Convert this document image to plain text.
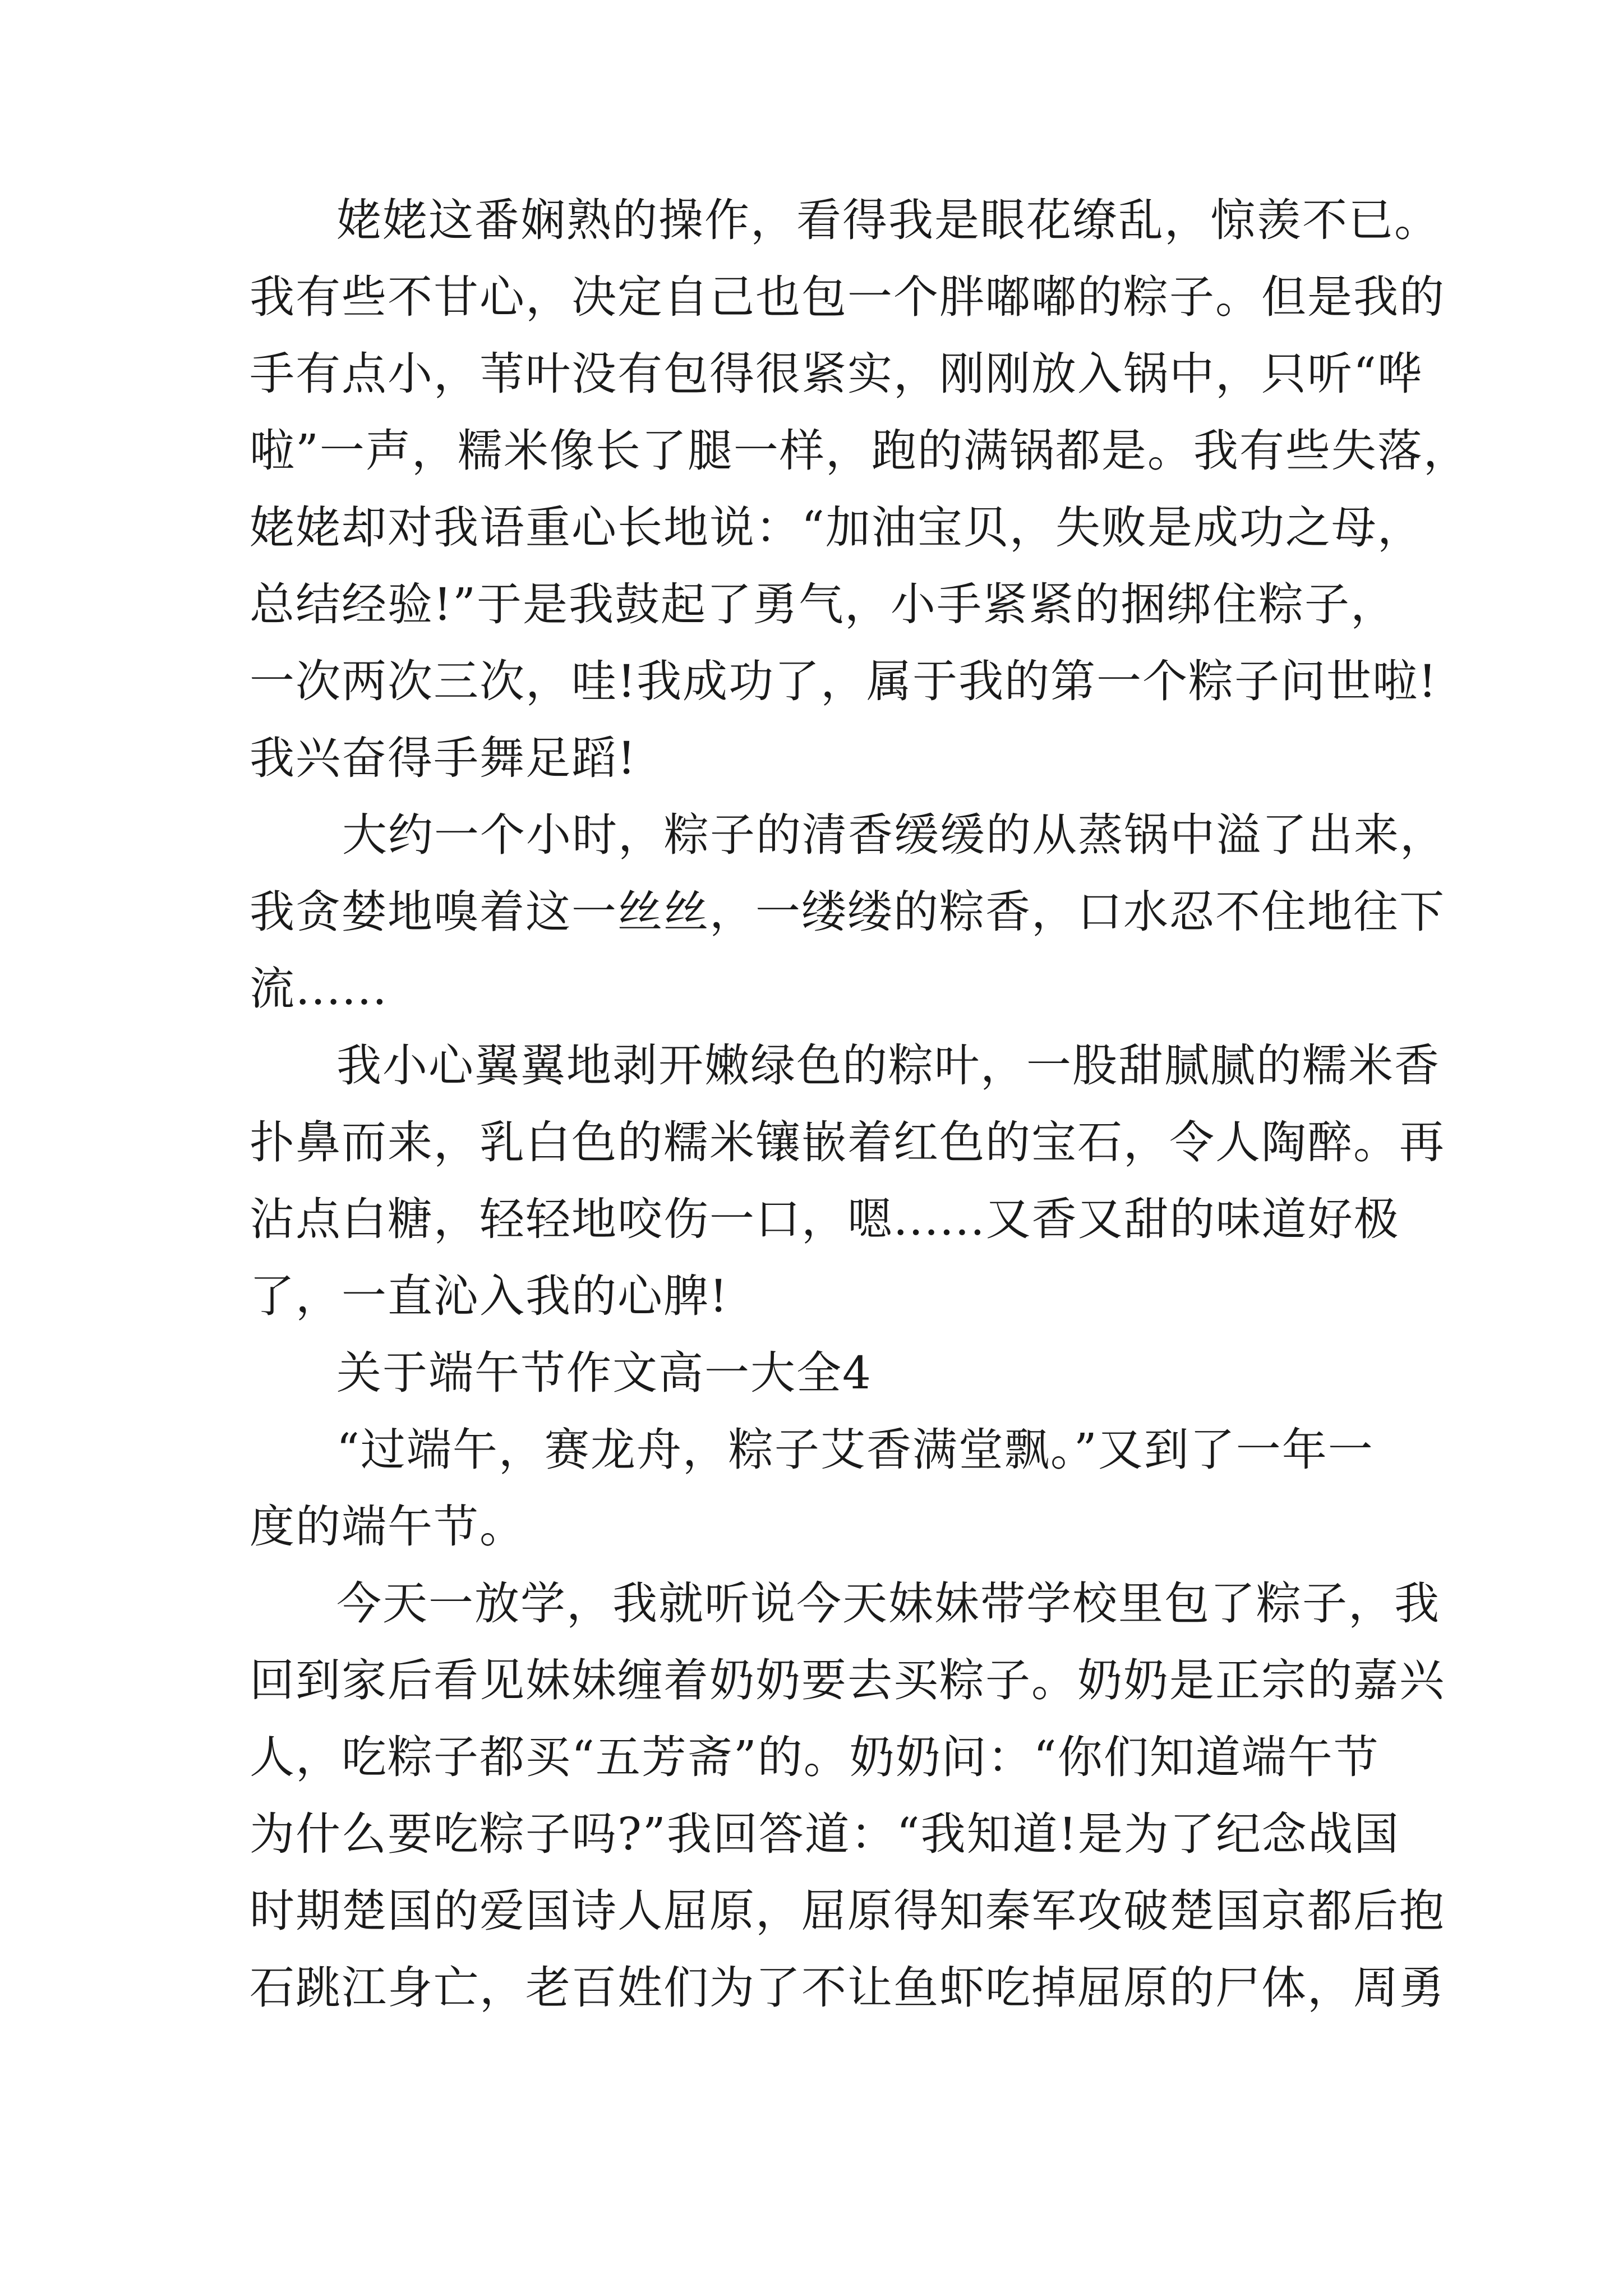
姥姥这番娴熟的操作，看得我是眼花缭乱，惊羡不已。
我有些不甘心，决定自己也包一个胖嘟嘟的粽子。但是我的
手有点小，苇叶没有包得很紧实，刚刚放入锅中，只听“哗
啦”一声，糯米像长了腿一样，跑的满锅都是。我有些失落，
姥姥却对我语重心长地说：“加油宝贝，失败是成功之母，
总结经验!”于是我鼓起了勇气，小手紧紧的捆绑住粽子，
一次两次三次，哇!我成功了，属于我的第一个粽子问世啦!
我兴奋得手舞足蹈!
大约一个小时，粽子的清香缓缓的从蒸锅中溢了出来，
我贪婪地嗅着这一丝丝，一缕缕的粽香，口水忍不住地往下
流......
我小心翼翼地剥开嫩绿色的粽叶，一股甜腻腻的糯米香
扑鼻而来，乳白色的糯米镶嵌着红色的宝石，令人陶醉。再
沾点白糖，轻轻地咬伤一口，嗯......又香又甜的味道好极
了，一直沁入我的心脾!
关于端午节作文高一大全4
“过端午，赛龙舟，粽子艾香满堂飘。”又到了一年一
度的端午节。
今天一放学，我就听说今天妹妹带学校里包了粽子，我
回到家后看见妹妹缠着奶奶要去买粽子。奶奶是正宗的嘉兴
人，吃粽子都买“五芳斋”的。奶奶问：“你们知道端午节
为什么要吃粽子吗?”我回答道：“我知道!是为了纪念战国
时期楚国的爱国诗人屈原，屈原得知秦军攻破楚国京都后抱
石跳江身亡，老百姓们为了不让鱼虾吃掉屈原的尸体，周勇
